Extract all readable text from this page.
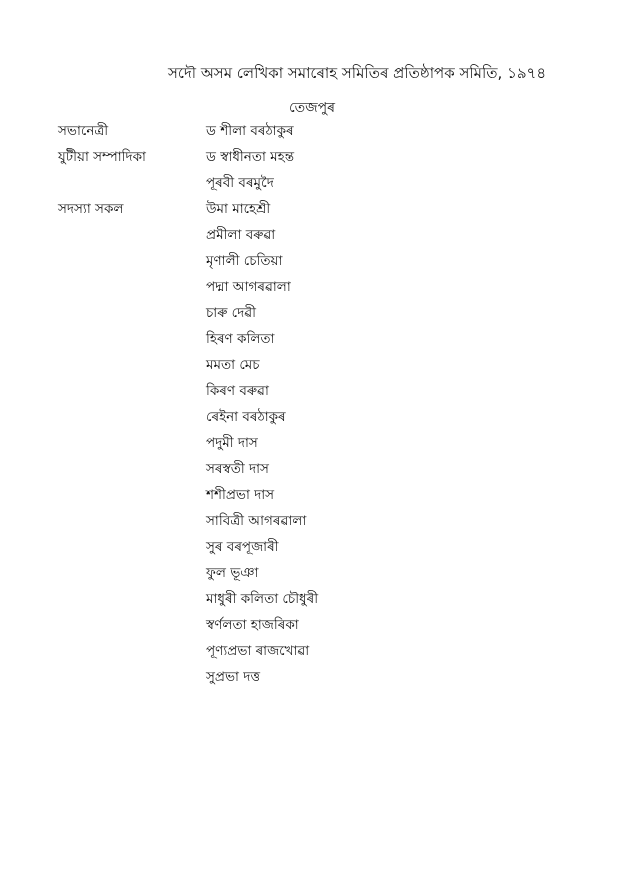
সদৌ অসম লেখিকা সমাৰোহ সমিতিৰ প্ৰতিষ্ঠাপক সমিতি, ১৯৭৪
তেজপুৰ
সভানেত্ৰী	ড শীলা বৰঠাকুৰ
যুটীয়া সম্পাদিকা	ড স্বাধীনতা মহন্ত
পূৰবী বৰমুদৈ
সদস্যা সকল	উমা মাহেশ্ৰী
প্ৰমীলা বৰুৱা
মৃণালী চেতিয়া
পদ্মা আগৰৱালা
চাৰু দেৱী
হিৰণ কলিতা
মমতা মেচ
কিৰণ বৰুৱা
ৰেইনা বৰঠাকুৰ
পদুমী দাস
সৰস্বতী দাস
শশীপ্ৰভা দাস
সাবিত্ৰী আগৰৱালা
সুৰ বৰপূজাৰী
ফুল ভূঞা
মাধুৰী কলিতা চৌধুৰী
স্বৰ্ণলতা হাজৰিকা
পূণ্যপ্ৰভা ৰাজখোৱা
সুপ্ৰভা দত্ত
